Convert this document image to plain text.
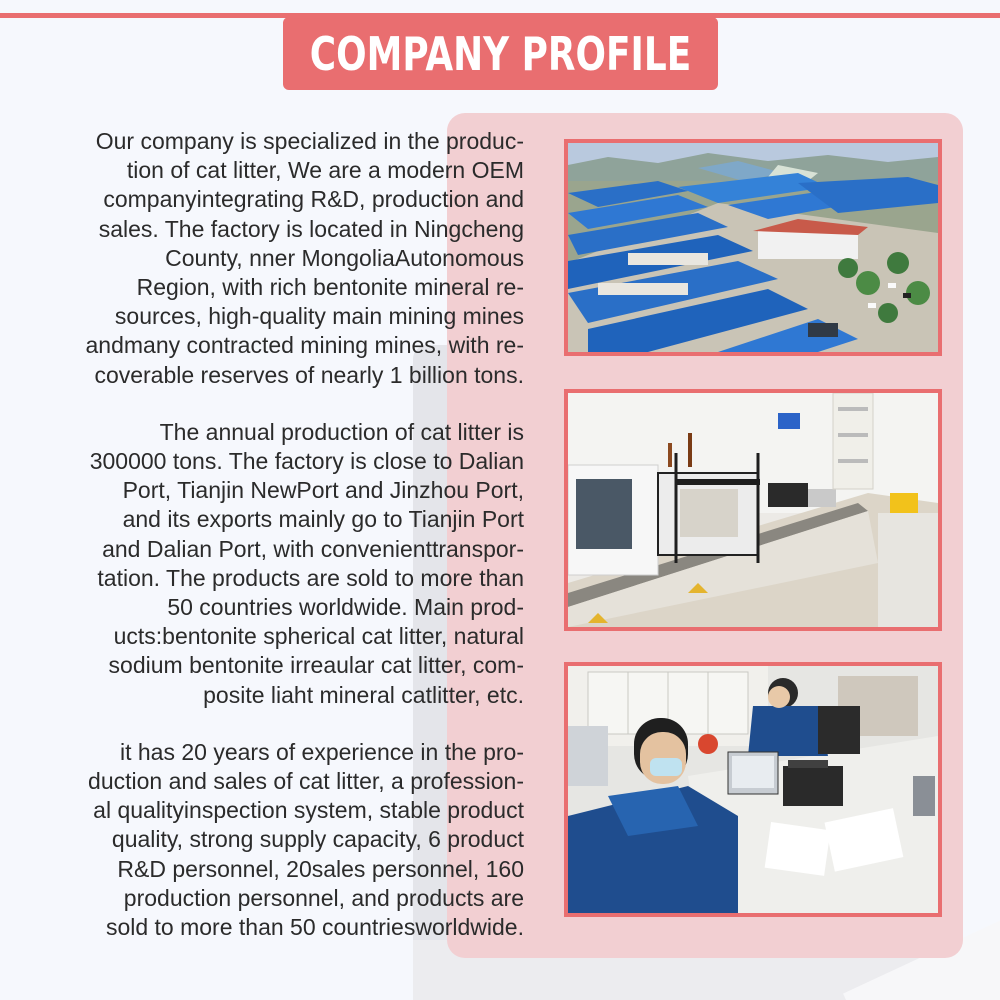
COMPANY PROFILE

Our company is specialized in the produc-
tion of cat litter, We are a modern OEM
companyintegrating R&D, production and
sales. The factory is located in Ningcheng
County, nner MongoliaAutonomous
Region, with rich bentonite mineral re-
sources, high-quality main mining mines
andmany contracted mining mines, with re-
coverable reserves of nearly 1 billion tons.

The annual production of cat litter is
300000 tons. The factory is close to Dalian
Port, Tianjin NewPort and Jinzhou Port,
and its exports mainly go to Tianjin Port
and Dalian Port, with convenienttranspor-
tation. The products are sold to more than
50 countries worldwide. Main prod-
ucts:bentonite spherical cat litter, natural
sodium bentonite irreaular cat litter, com-
posite liaht mineral catlitter, etc.

it has 20 years of experience in the pro-
duction and sales of cat litter, a profession-
al qualityinspection system, stable product
quality, strong supply capacity, 6 product
R&D personnel, 20sales personnel, 160
production personnel, and products are
sold to more than 50 countriesworldwide.
